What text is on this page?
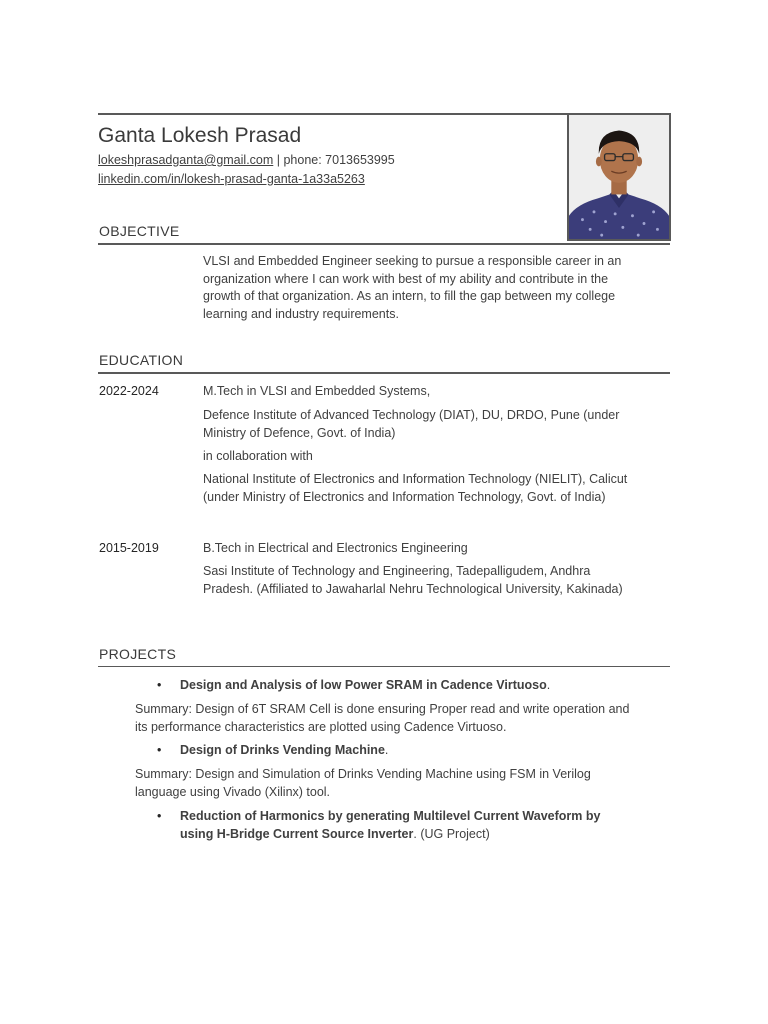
Ganta Lokesh Prasad
lokeshprasadganta@gmail.com | phone: 7013653995
linkedin.com/in/lokesh-prasad-ganta-1a33a5263
OBJECTIVE
VLSI and Embedded Engineer seeking to pursue a responsible career in an organization where I can work with best of my ability and contribute in the growth of that organization. As an intern, to fill the gap between my college learning and industry requirements.
EDUCATION
2022-2024	M.Tech in VLSI and Embedded Systems,
Defence Institute of Advanced Technology (DIAT), DU, DRDO, Pune (under Ministry of Defence, Govt. of India)
in collaboration with
National Institute of Electronics and Information Technology (NIELIT), Calicut (under Ministry of Electronics and Information Technology, Govt. of India)
2015-2019	B.Tech in Electrical and Electronics Engineering
Sasi Institute of Technology and Engineering, Tadepalligudem, Andhra Pradesh. (Affiliated to Jawaharlal Nehru Technological University, Kakinada)
PROJECTS
• Design and Analysis of low Power SRAM in Cadence Virtuoso.
Summary: Design of 6T SRAM Cell is done ensuring Proper read and write operation and its performance characteristics are plotted using Cadence Virtuoso.
• Design of Drinks Vending Machine.
Summary: Design and Simulation of Drinks Vending Machine using FSM in Verilog language using Vivado (Xilinx) tool.
• Reduction of Harmonics by generating Multilevel Current Waveform by using H-Bridge Current Source Inverter. (UG Project)
